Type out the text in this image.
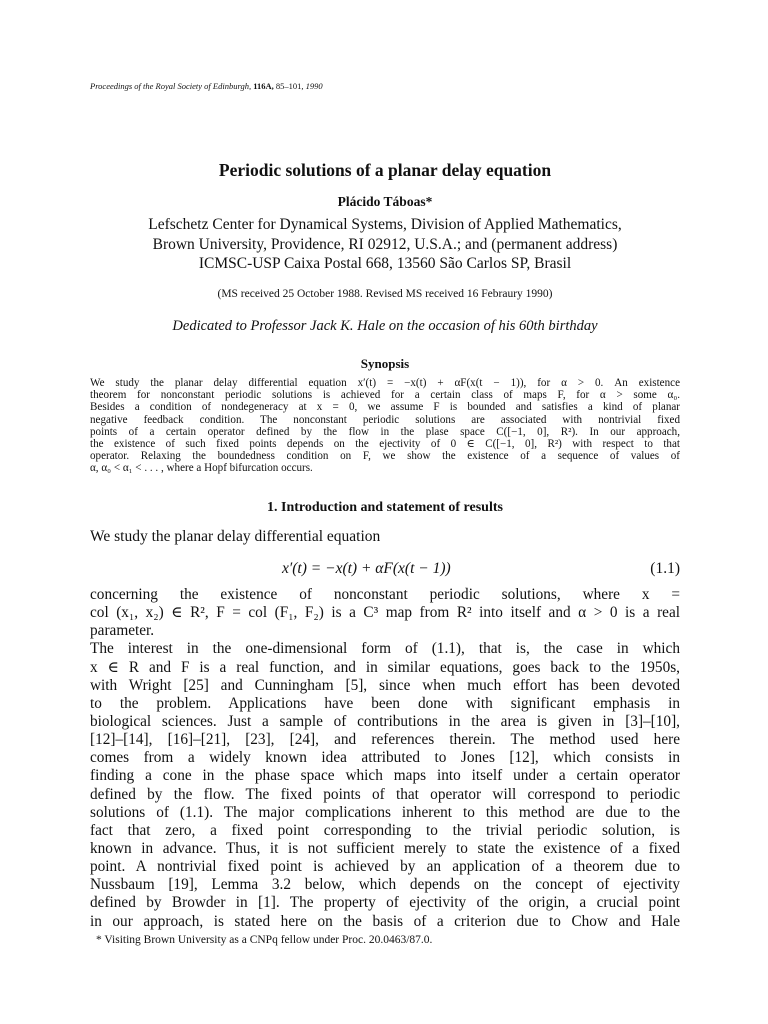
Proceedings of the Royal Society of Edinburgh, 116A, 85–101, 1990
Periodic solutions of a planar delay equation
Plácido Táboas*
Lefschetz Center for Dynamical Systems, Division of Applied Mathematics,
Brown University, Providence, RI 02912, U.S.A.; and (permanent address)
ICMSC-USP Caixa Postal 668, 13560 São Carlos SP, Brasil
(MS received 25 October 1988. Revised MS received 16 Febraury 1990)
Dedicated to Professor Jack K. Hale on the occasion of his 60th birthday
Synopsis
We study the planar delay differential equation x′(t) = −x(t) + αF(x(t − 1)), for α > 0. An existence
theorem for nonconstant periodic solutions is achieved for a certain class of maps F, for α > some α₀.
Besides a condition of nondegeneracy at x = 0, we assume F is bounded and satisfies a kind of planar
negative feedback condition. The nonconstant periodic solutions are associated with nontrivial fixed
points of a certain operator defined by the flow in the plase space C([−1, 0], R²). In our approach,
the existence of such fixed points depends on the ejectivity of 0 ∈ C([−1, 0], R²) with respect to that
operator. Relaxing the boundedness condition on F, we show the existence of a sequence of values of
α, α₀ < α₁ < . . . , where a Hopf bifurcation occurs.
1. Introduction and statement of results
We study the planar delay differential equation
x′(t) = −x(t) + αF(x(t − 1))	(1.1)
concerning the existence of nonconstant periodic solutions, where x =
col (x₁, x₂) ∈ R², F = col (F₁, F₂) is a C³ map from R² into itself and α > 0 is a real
parameter.
The interest in the one-dimensional form of (1.1), that is, the case in which
x ∈ R and F is a real function, and in similar equations, goes back to the 1950s,
with Wright [25] and Cunningham [5], since when much effort has been devoted
to the problem. Applications have been done with significant emphasis in
biological sciences. Just a sample of contributions in the area is given in [3]–[10],
[12]–[14], [16]–[21], [23], [24], and references therein. The method used here
comes from a widely known idea attributed to Jones [12], which consists in
finding a cone in the phase space which maps into itself under a certain operator
defined by the flow. The fixed points of that operator will correspond to periodic
solutions of (1.1). The major complications inherent to this method are due to the
fact that zero, a fixed point corresponding to the trivial periodic solution, is
known in advance. Thus, it is not sufficient merely to state the existence of a fixed
point. A nontrivial fixed point is achieved by an application of a theorem due to
Nussbaum [19], Lemma 3.2 below, which depends on the concept of ejectivity
defined by Browder in [1]. The property of ejectivity of the origin, a crucial point
in our approach, is stated here on the basis of a criterion due to Chow and Hale
* Visiting Brown University as a CNPq fellow under Proc. 20.0463/87.0.
